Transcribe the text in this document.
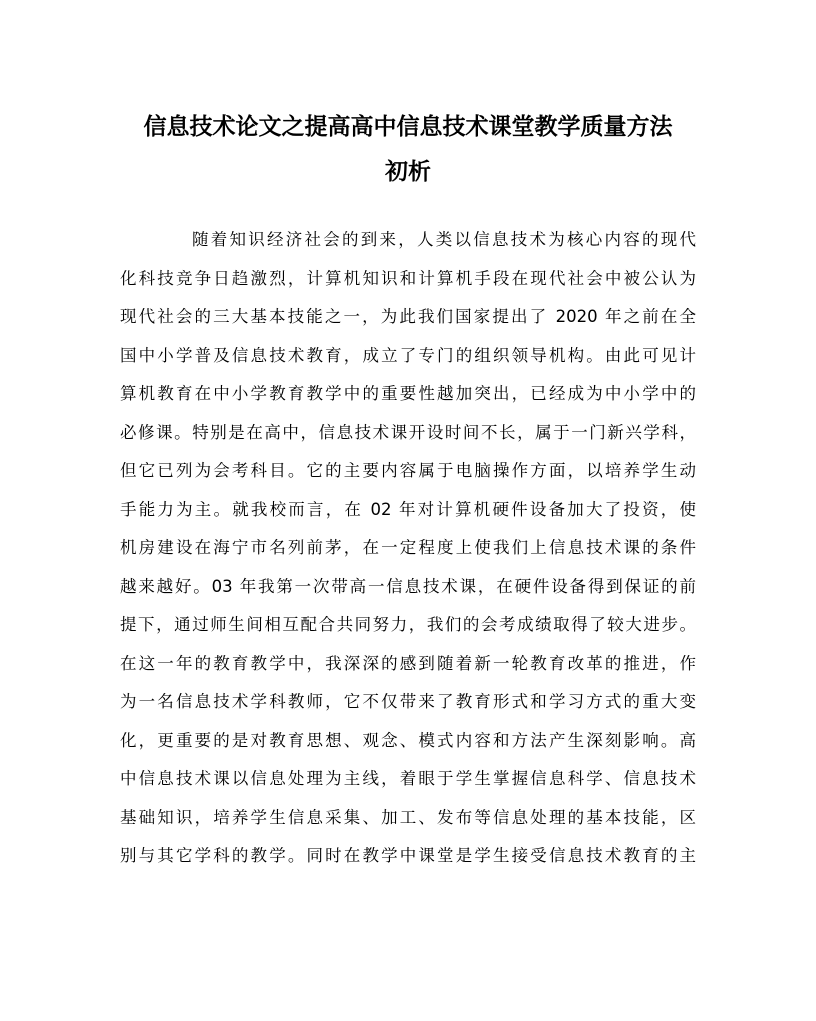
信息技术论文之提高高中信息技术课堂教学质量方法
初析
随着知识经济社会的到来，人类以信息技术为核心内容的现代
化科技竞争日趋激烈，计算机知识和计算机手段在现代社会中被公认为
现代社会的三大基本技能之一，为此我们国家提出了 2020 年之前在全
国中小学普及信息技术教育，成立了专门的组织领导机构。由此可见计
算机教育在中小学教育教学中的重要性越加突出，已经成为中小学中的
必修课。特别是在高中，信息技术课开设时间不长，属于一门新兴学科，
但它已列为会考科目。它的主要内容属于电脑操作方面，以培养学生动
手能力为主。就我校而言，在 02 年对计算机硬件设备加大了投资，使
机房建设在海宁市名列前茅，在一定程度上使我们上信息技术课的条件
越来越好。03 年我第一次带高一信息技术课，在硬件设备得到保证的前
提下，通过师生间相互配合共同努力，我们的会考成绩取得了较大进步。
在这一年的教育教学中，我深深的感到随着新一轮教育改革的推进，作
为一名信息技术学科教师，它不仅带来了教育形式和学习方式的重大变
化，更重要的是对教育思想、观念、模式内容和方法产生深刻影响。高
中信息技术课以信息处理为主线，着眼于学生掌握信息科学、信息技术
基础知识，培养学生信息采集、加工、发布等信息处理的基本技能，区
别与其它学科的教学。同时在教学中课堂是学生接受信息技术教育的主
